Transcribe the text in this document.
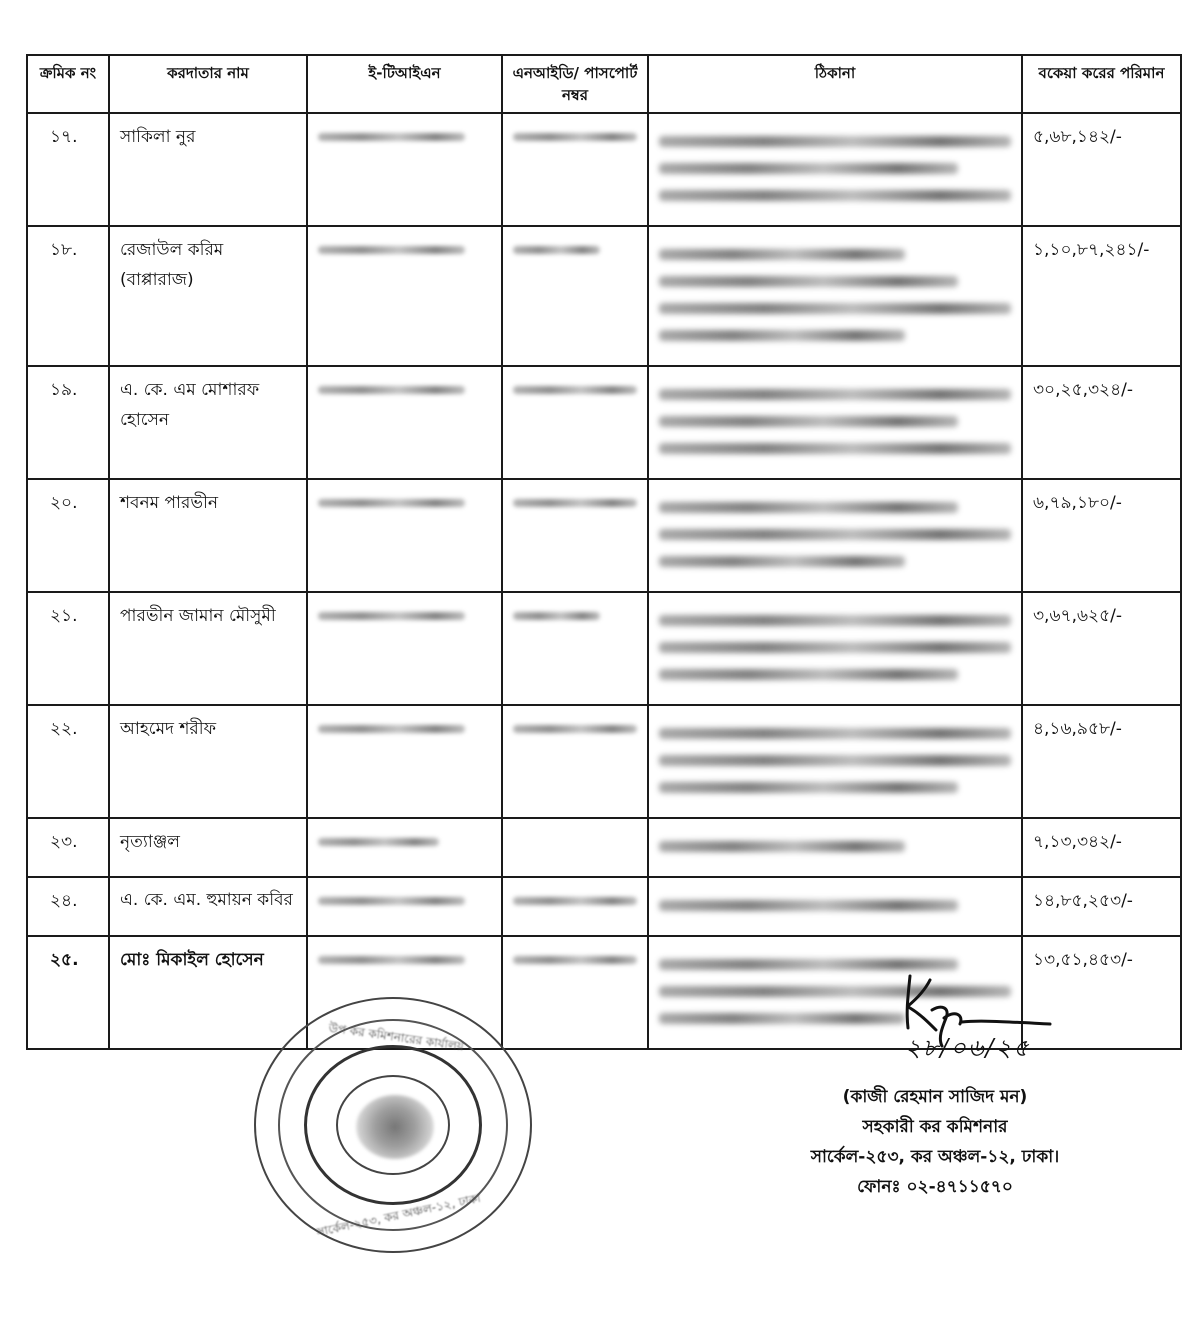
ক্রমিক নং	করদাতার নাম	ই-টিআইএন	এনআইডি/ পাসপোর্ট নম্বর	ঠিকানা	বকেয়া করের পরিমান
১৭.	সাকিলা নুর				৫,৬৮,১৪২/-
১৮.	রেজাউল করিম (বাপ্পারাজ)				১,১০,৮৭,২৪১/-
১৯.	এ. কে. এম মোশারফ হোসেন				৩০,২৫,৩২৪/-
২০.	শবনম পারভীন				৬,৭৯,১৮০/-
২১.	পারভীন জামান মৌসুমী				৩,৬৭,৬২৫/-
২২.	আহমেদ শরীফ				৪,১৬,৯৫৮/-
২৩.	নৃত্যাঞ্জল				৭,১৩,৩৪২/-
২৪.	এ. কে. এম. হুমায়ন কবির				১৪,৮৫,২৫৩/-
২৫.	মোঃ মিকাইল হোসেন				১৩,৫১,৪৫৩/-
উপ কর কমিশনারের কার্যালয়
সার্কেল-২৫৩, কর অঞ্চল-১২, ঢাকা
২৮/০৬/২৫
(কাজী রেহমান সাজিদ মন)
সহকারী কর কমিশনার
সার্কেল-২৫৩, কর অঞ্চল-১২, ঢাকা।
ফোনঃ ০২-৪৭১১৫৭০
